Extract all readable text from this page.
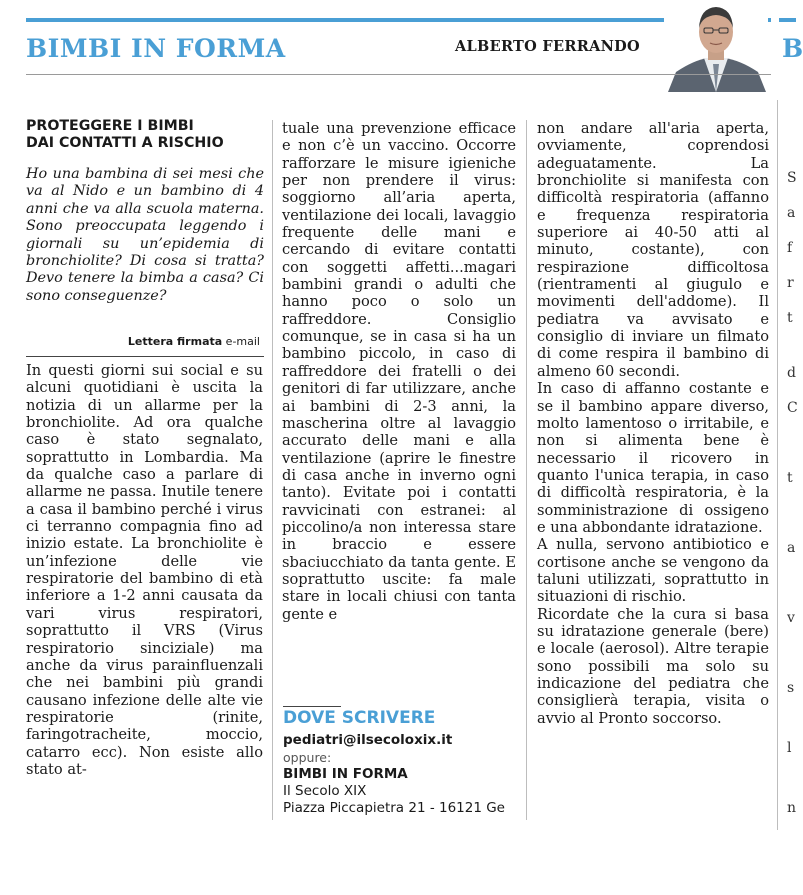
BIMBI IN FORMA	ALBERTO FERRANDO	B
PROTEGGERE I BIMBI
DAI CONTATTI A RISCHIO
Ho una bambina di sei mesi che va al Nido e un bambino di 4 anni che va alla scuola materna. Sono preoccupata leggendo i giornali su un’epidemia di bronchiolite? Di cosa si tratta? Devo tenere la bimba a casa? Ci sono conseguenze?
Lettera firmata e-mail

In questi giorni sui social e su alcuni quotidiani è uscita la notizia di un allarme per la bronchiolite. Ad ora qualche caso è stato segnalato, soprattutto in Lombardia. Ma da qualche caso a parlare di allarme ne passa. Inutile tenere a casa il bambino perché i virus ci terranno compagnia fino ad inizio estate. La bronchiolite è un’infezione delle vie respiratorie del bambino di età inferiore a 1-2 anni causata da vari virus respiratori, soprattutto il VRS (Virus respiratorio sinciziale) ma anche da virus parainfluenzali che nei bambini più grandi causano infezione delle alte vie respiratorie (rinite, faringotracheite, moccio, catarro ecc). Non esiste allo stato at-

tuale una prevenzione efficace e non c’è un vaccino. Occorre rafforzare le misure igieniche per non prendere il virus: soggiorno all’aria aperta, ventilazione dei locali, lavaggio frequente delle mani e cercando di evitare contatti con soggetti affetti...magari bambini grandi o adulti che hanno poco o solo un raffreddore. Consiglio comunque, se in casa si ha un bambino piccolo, in caso di raffreddore dei fratelli o dei genitori di far utilizzare, anche ai bambini di 2-3 anni, la mascherina oltre al lavaggio accurato delle mani e alla ventilazione (aprire le finestre di casa anche in inverno ogni tanto). Evitate poi i contatti ravvicinati con estranei: al piccolino/a non interessa stare in braccio e essere sbaciucchiato da tanta gente. E soprattutto uscite: fa male stare in locali chiusi con tanta gente e

non andare all'aria aperta, ovviamente, coprendosi adeguatamente. La bronchiolite si manifesta con difficoltà respiratoria (affanno e frequenza respiratoria superiore ai 40-50 atti al minuto, costante), con respirazione difficoltosa (rientramenti al giugulo e movimenti dell'addome). Il pediatra va avvisato e consiglio di inviare un filmato di come respira il bambino di almeno 60 secondi.

In caso di affanno costante e se il bambino appare diverso, molto lamentoso o irritabile, e non si alimenta bene è necessario il ricovero in quanto l'unica terapia, in caso di difficoltà respiratoria, è la somministrazione di ossigeno e una abbondante idratazione.

A nulla, servono antibiotico e cortisone anche se vengono da taluni utilizzati, soprattutto in situazioni di rischio.

Ricordate che la cura si basa su idratazione generale (bere) e locale (aerosol). Altre terapie sono possibili ma solo su indicazione del pediatra che consiglierà terapia, visita o avvio al Pronto soccorso.

DOVE SCRIVERE
pediatri@ilsecoloxix.it
oppure:
BIMBI IN FORMA
Il Secolo XIX
Piazza Piccapietra 21 - 16121 Ge
S
a
f
r
t
d
C
t
a
v
s
l
n
